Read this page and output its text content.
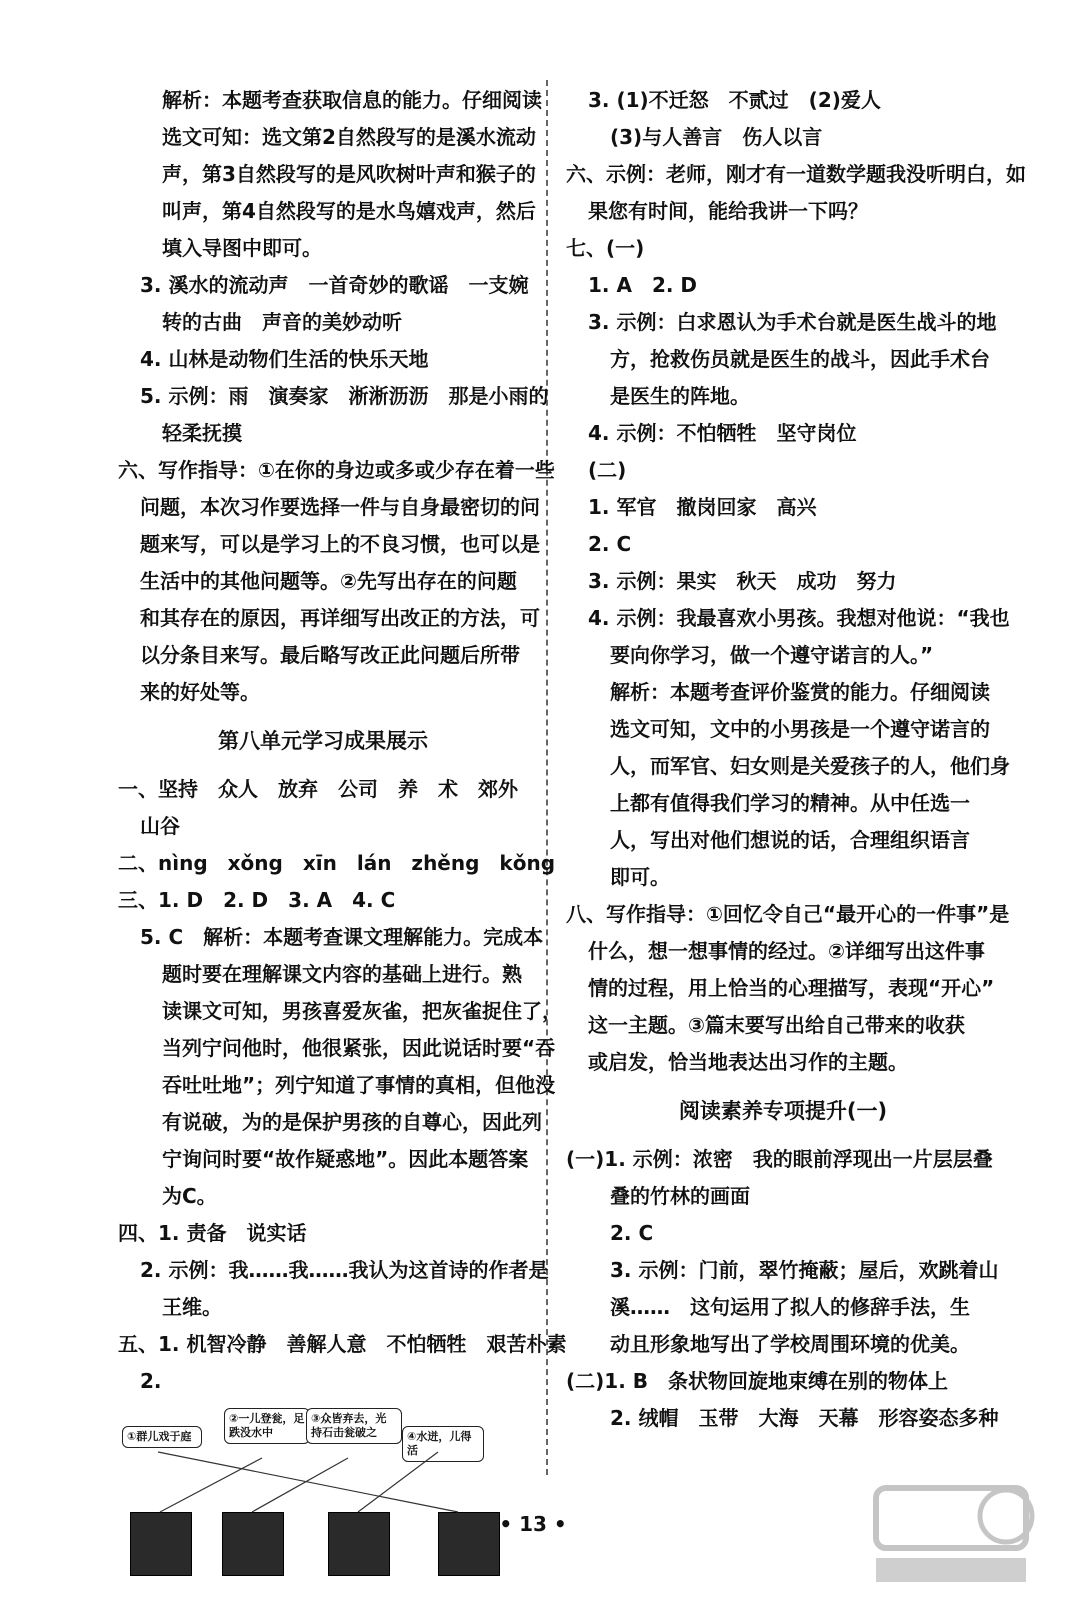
解析：本题考查获取信息的能力。仔细阅读
选文可知：选文第2自然段写的是溪水流动
声，第3自然段写的是风吹树叶声和猴子的
叫声，第4自然段写的是水鸟嬉戏声，然后
填入导图中即可。
3. 溪水的流动声　一首奇妙的歌谣　一支婉
转的古曲　声音的美妙动听
4. 山林是动物们生活的快乐天地
5. 示例：雨　演奏家　淅淅沥沥　那是小雨的
轻柔抚摸
六、写作指导：①在你的身边或多或少存在着一些
问题，本次习作要选择一件与自身最密切的问
题来写，可以是学习上的不良习惯，也可以是
生活中的其他问题等。②先写出存在的问题
和其存在的原因，再详细写出改正的方法，可
以分条目来写。最后略写改正此问题后所带
来的好处等。
第八单元学习成果展示
一、坚持　众人　放弃　公司　养　术　郊外
山谷
二、nìng　xǒng　xīn　lán　zhěng　kǒng
三、1. D　2. D　3. A　4. C
5. C　解析：本题考查课文理解能力。完成本
题时要在理解课文内容的基础上进行。熟
读课文可知，男孩喜爱灰雀，把灰雀捉住了，
当列宁问他时，他很紧张，因此说话时要“吞
吞吐吐地”；列宁知道了事情的真相，但他没
有说破，为的是保护男孩的自尊心，因此列
宁询问时要“故作疑惑地”。因此本题答案
为C。
四、1. 责备　说实话
2. 示例：我……我……我认为这首诗的作者是
王维。
五、1. 机智冷静　善解人意　不怕牺牲　艰苦朴素
2.
①群儿戏于庭
②一儿登瓮，足跌没水中
③众皆弃去，光持石击瓮破之	④水迸，儿得活
3. (1)不迁怒　不贰过　(2)爱人
(3)与人善言　伤人以言
六、示例：老师，刚才有一道数学题我没听明白，如
果您有时间，能给我讲一下吗？
七、(一)
1. A　2. D
3. 示例：白求恩认为手术台就是医生战斗的地
方，抢救伤员就是医生的战斗，因此手术台
是医生的阵地。
4. 示例：不怕牺牲　坚守岗位
(二)
1. 军官　撤岗回家　高兴
2. C
3. 示例：果实　秋天　成功　努力
4. 示例：我最喜欢小男孩。我想对他说：“我也
要向你学习，做一个遵守诺言的人。”
解析：本题考查评价鉴赏的能力。仔细阅读
选文可知，文中的小男孩是一个遵守诺言的
人，而军官、妇女则是关爱孩子的人，他们身
上都有值得我们学习的精神。从中任选一
人，写出对他们想说的话，合理组织语言
即可。
八、写作指导：①回忆令自己“最开心的一件事”是
什么，想一想事情的经过。②详细写出这件事
情的过程，用上恰当的心理描写，表现“开心”
这一主题。③篇末要写出给自己带来的收获
或启发，恰当地表达出习作的主题。
阅读素养专项提升(一)
(一)1. 示例：浓密　我的眼前浮现出一片层层叠
叠的竹林的画面
2. C
3. 示例：门前，翠竹掩蔽；屋后，欢跳着山
溪……　这句运用了拟人的修辞手法，生
动且形象地写出了学校周围环境的优美。
(二)1. B　条状物回旋地束缚在别的物体上
2. 绒帽　玉带　大海　天幕　形容姿态多种
• 13 •
